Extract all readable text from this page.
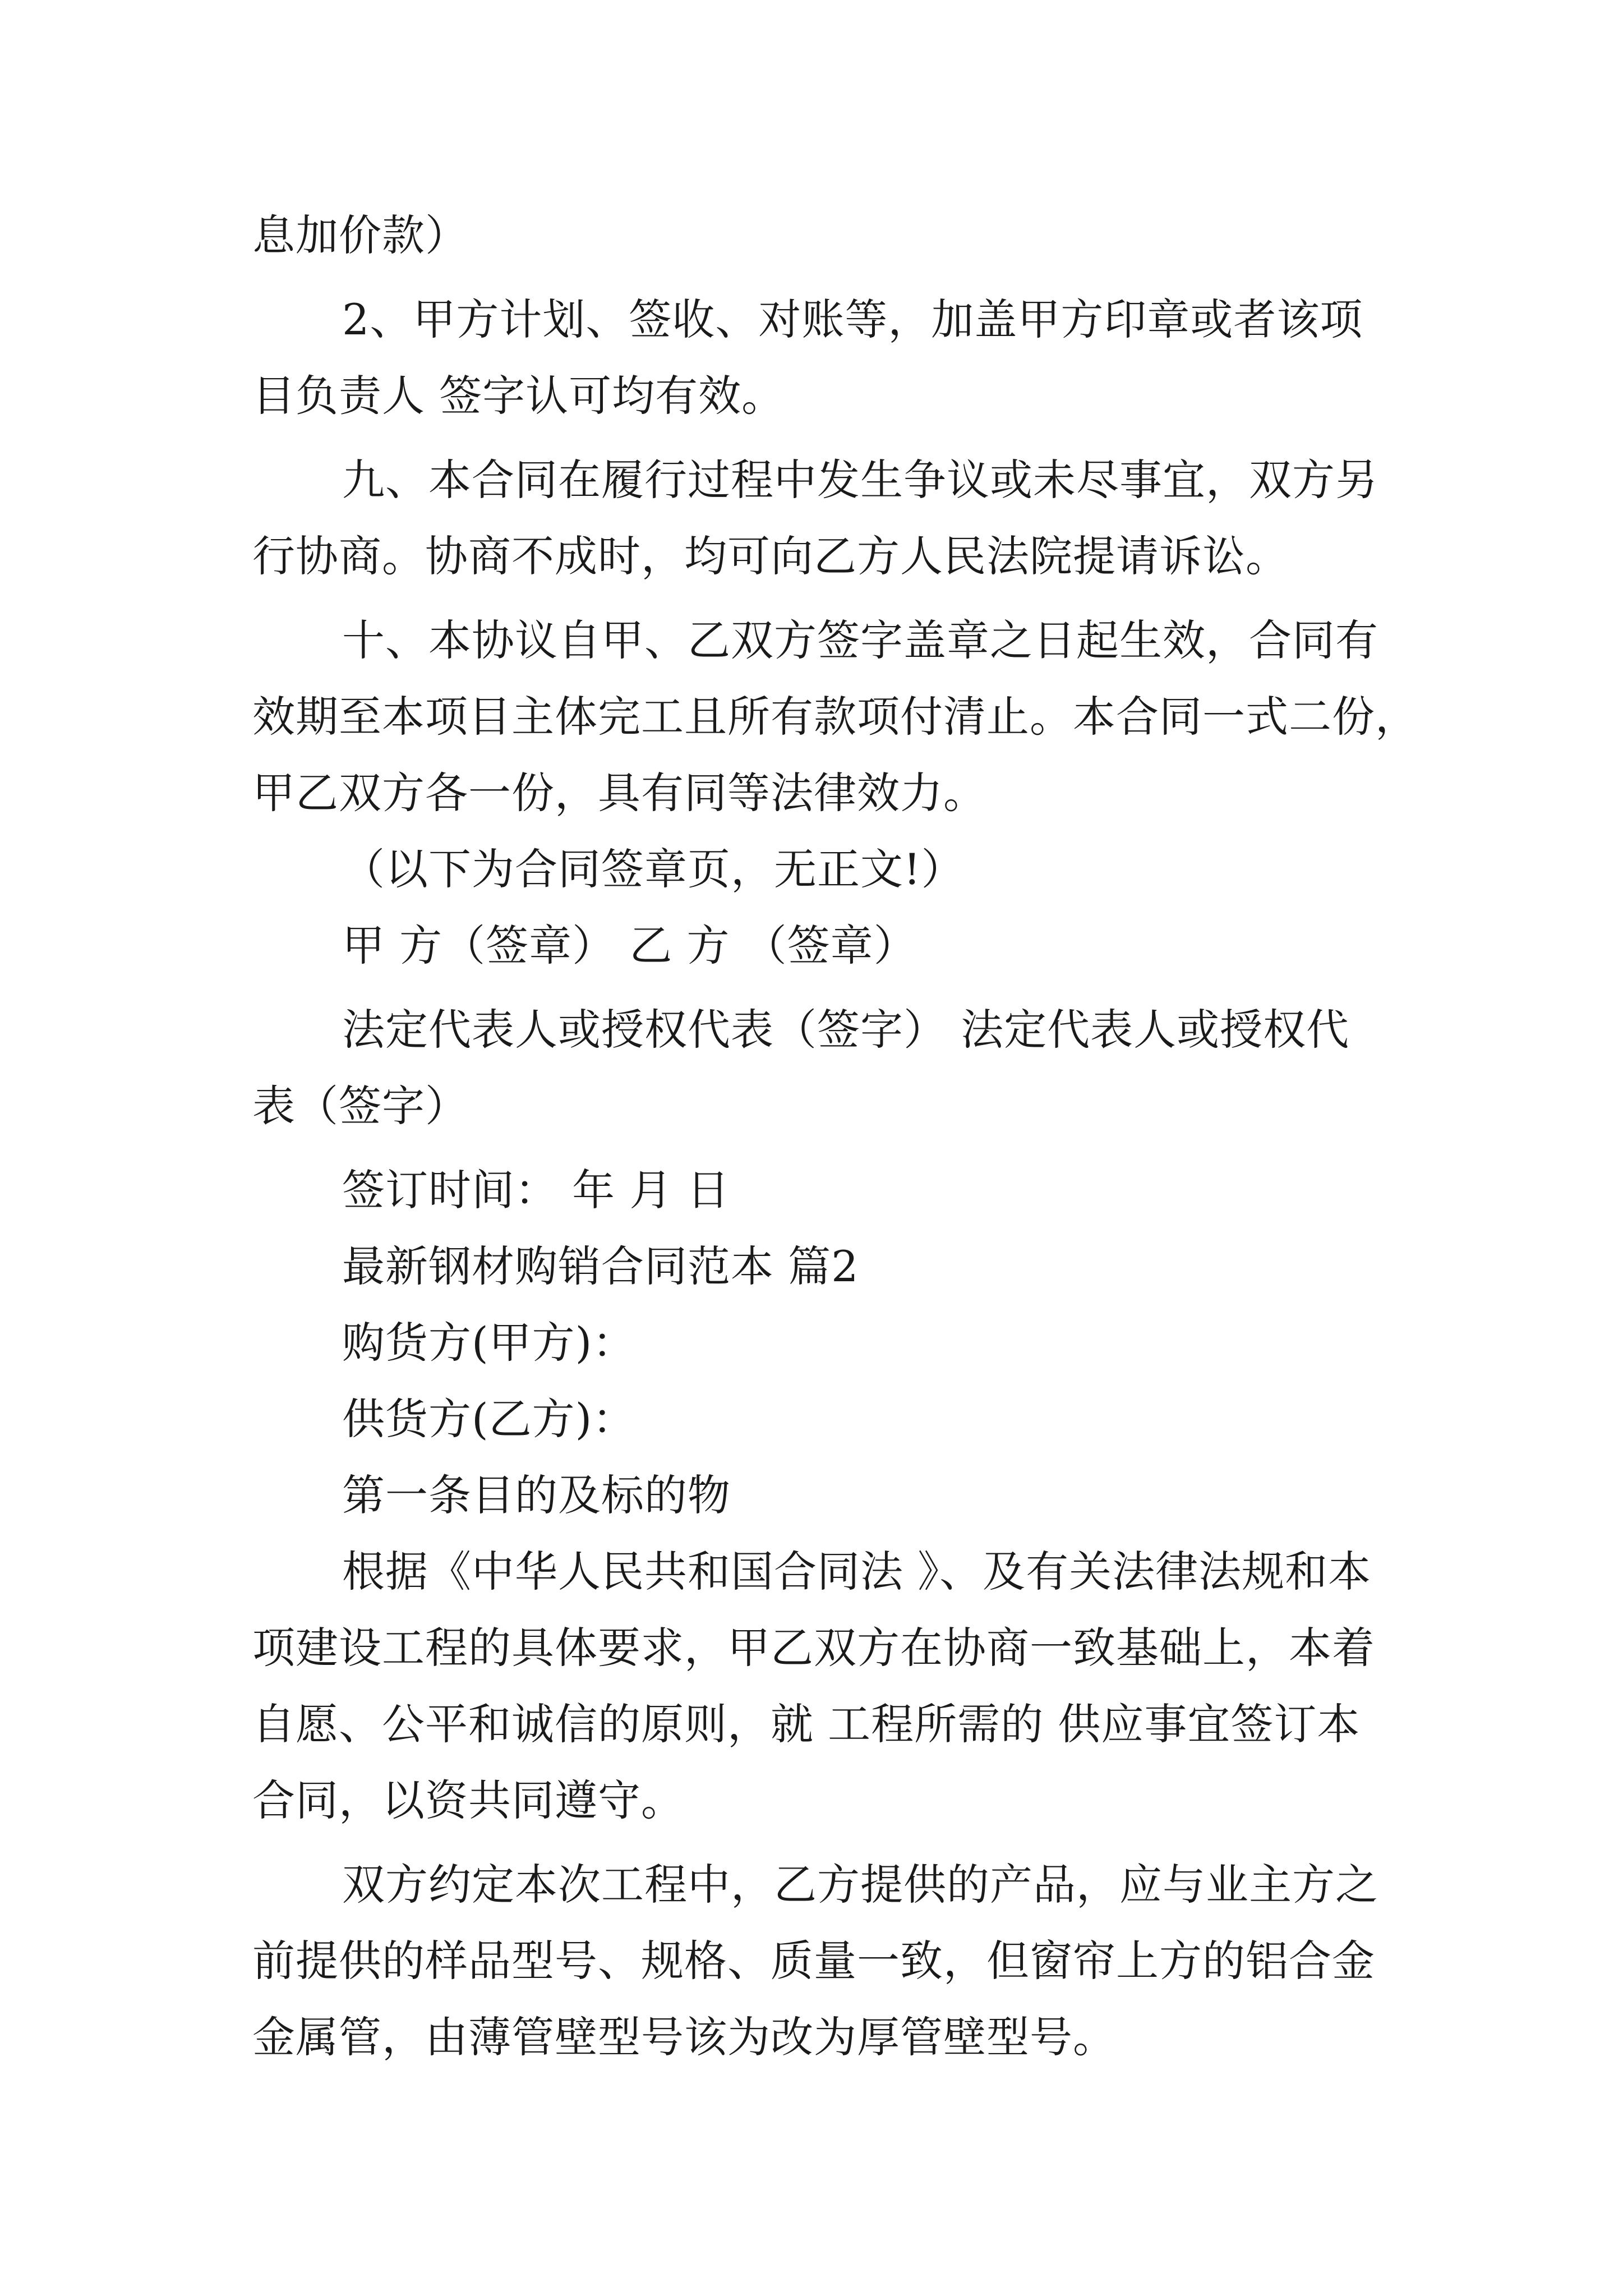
息加价款）
2、甲方计划、签收、对账等，加盖甲方印章或者该项
目负责人 签字认可均有效。
九、本合同在履行过程中发生争议或未尽事宜，双方另
行协商。协商不成时，均可向乙方人民法院提请诉讼。
十、本协议自甲、乙双方签字盖章之日起生效，合同有
效期至本项目主体完工且所有款项付清止。本合同一式二份，
甲乙双方各一份，具有同等法律效力。
（以下为合同签章页，无正文!）
甲 方（签章） 乙 方 （签章）
法定代表人或授权代表（签字） 法定代表人或授权代
表（签字）
签订时间： 年 月 日
最新钢材购销合同范本 篇2
购货方(甲方)：
供货方(乙方)：
第一条目的及标的物
根据《中华人民共和国合同法 》、及有关法律法规和本
项建设工程的具体要求，甲乙双方在协商一致基础上，本着
自愿、公平和诚信的原则，就 工程所需的 供应事宜签订本
合同，以资共同遵守。
双方约定本次工程中，乙方提供的产品，应与业主方之
前提供的样品型号、规格、质量一致，但窗帘上方的铝合金
金属管，由薄管壁型号该为改为厚管壁型号。
